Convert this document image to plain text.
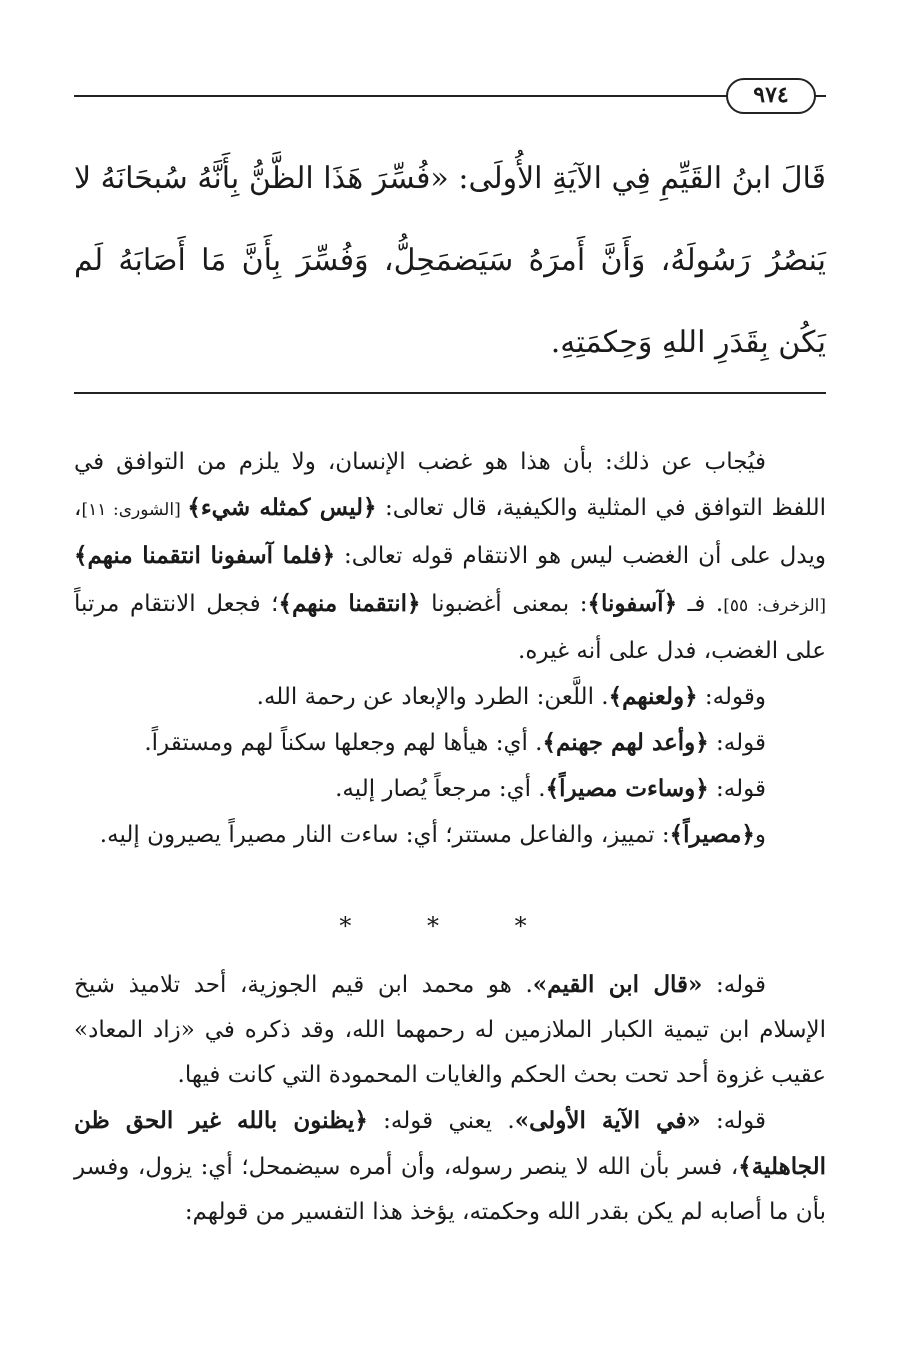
٩٧٤

قَالَ ابنُ القَيِّمِ فِي الآيَةِ الأُولَى: «فُسِّرَ هَذَا الظَّنُّ بِأَنَّهُ سُبحَانَهُ لا يَنصُرُ رَسُولَهُ، وَأَنَّ أَمرَهُ سَيَضمَحِلُّ، وَفُسِّرَ بِأَنَّ مَا أَصَابَهُ لَم يَكُن بِقَدَرِ اللهِ وَحِكمَتِهِ.

فيُجاب عن ذلك: بأن هذا هو غضب الإنسان، ولا يلزم من التوافق في اللفظ التوافق في المثلية والكيفية، قال تعالى: ﴿ليس كمثله شيء﴾ [الشورى: ١١]، ويدل على أن الغضب ليس هو الانتقام قوله تعالى: ﴿فلما آسفونا انتقمنا منهم﴾ [الزخرف: ٥٥]. فـ ﴿آسفونا﴾: بمعنى أغضبونا ﴿انتقمنا منهم﴾؛ فجعل الانتقام مرتباً على الغضب، فدل على أنه غيره.

وقوله: ﴿ولعنهم﴾. اللَّعن: الطرد والإبعاد عن رحمة الله.

قوله: ﴿وأعد لهم جهنم﴾. أي: هيأها لهم وجعلها سكناً لهم ومستقراً.

قوله: ﴿وساءت مصيراً﴾. أي: مرجعاً يُصار إليه.

و﴿مصيراً﴾: تمييز، والفاعل مستتر؛ أي: ساءت النار مصيراً يصيرون إليه.

* * *

قوله: «قال ابن القيم». هو محمد ابن قيم الجوزية، أحد تلاميذ شيخ الإسلام ابن تيمية الكبار الملازمين له رحمهما الله، وقد ذكره في «زاد المعاد» عقيب غزوة أحد تحت بحث الحكم والغايات المحمودة التي كانت فيها.

قوله: «في الآية الأولى». يعني قوله: ﴿يظنون بالله غير الحق ظن الجاهلية﴾، فسر بأن الله لا ينصر رسوله، وأن أمره سيضمحل؛ أي: يزول، وفسر بأن ما أصابه لم يكن بقدر الله وحكمته، يؤخذ هذا التفسير من قولهم:
